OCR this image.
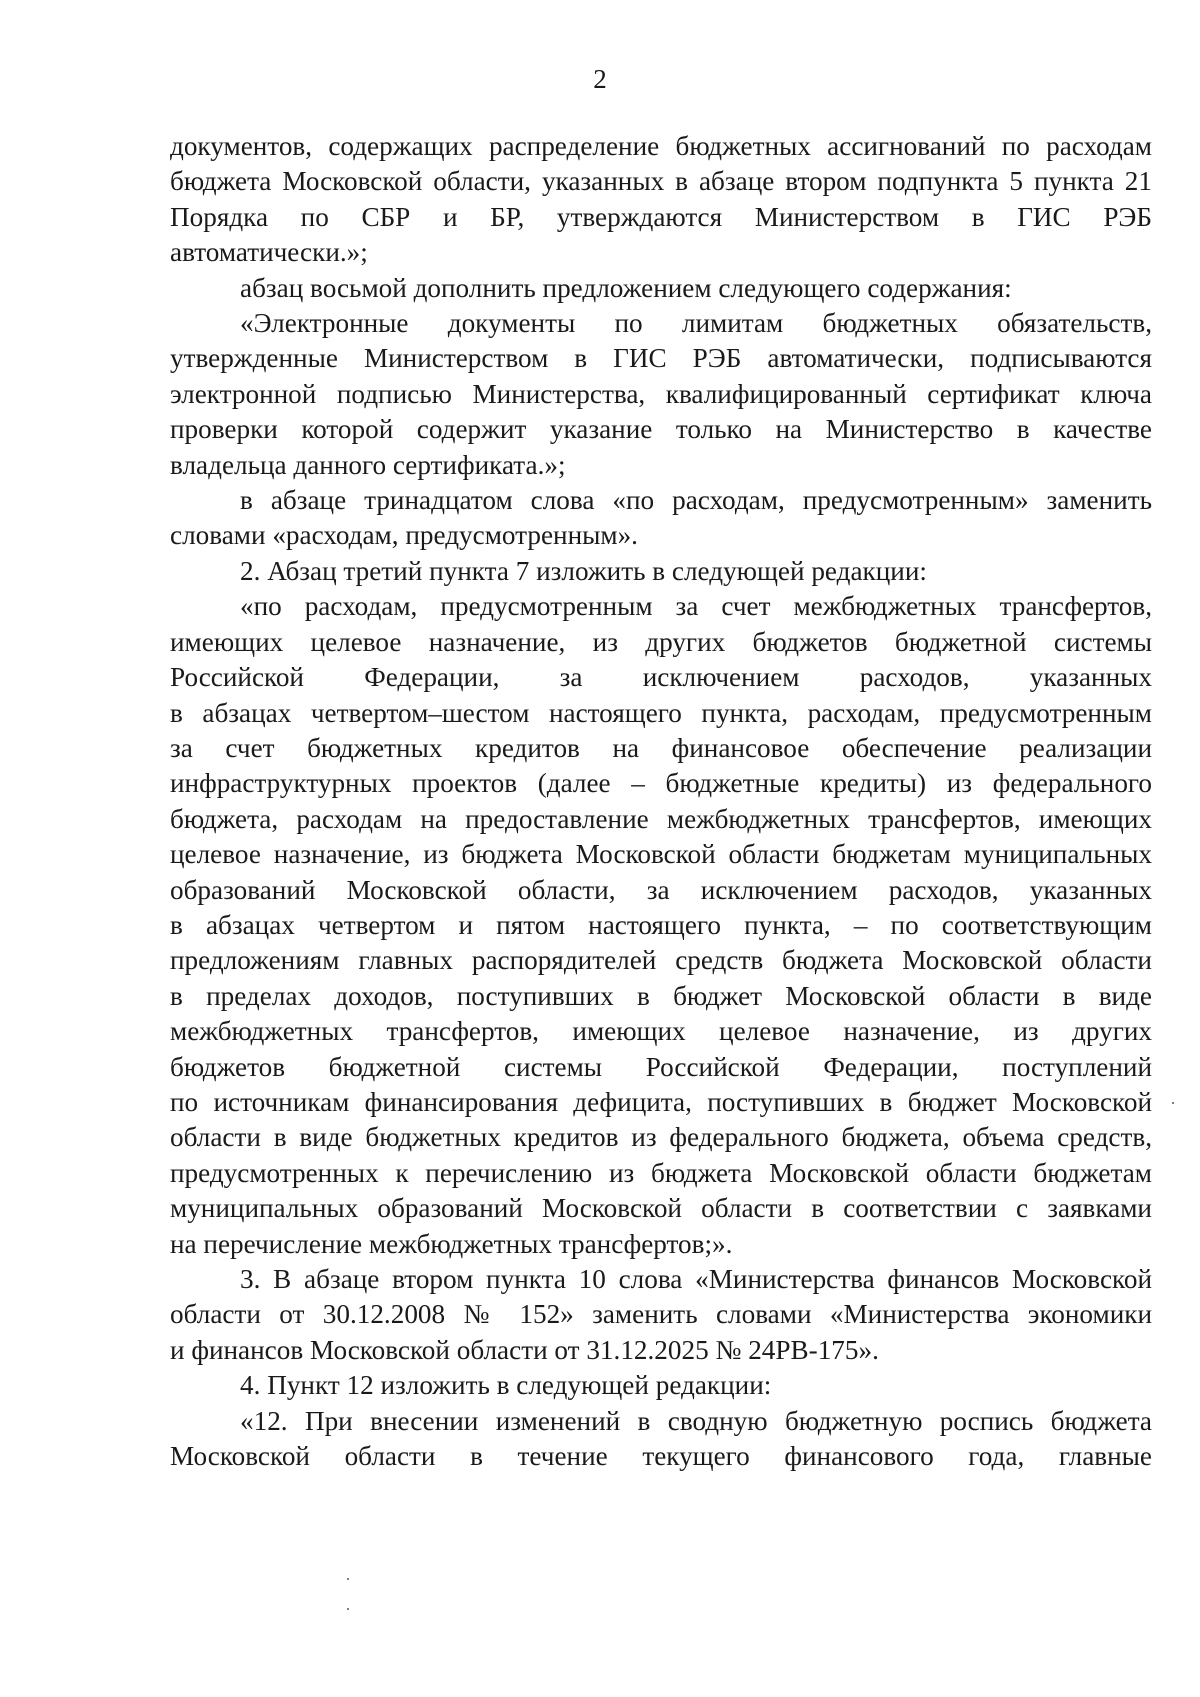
2

документов, содержащих распределение бюджетных ассигнований по расходам
бюджета Московской области, указанных в абзаце втором подпункта 5 пункта 21
Порядка по СБР и БР, утверждаются Министерством в ГИС РЭБ
автоматически.»;

абзац восьмой дополнить предложением следующего содержания:

«Электронные документы по лимитам бюджетных обязательств,
утвержденные Министерством в ГИС РЭБ автоматически, подписываются
электронной подписью Министерства, квалифицированный сертификат ключа
проверки которой содержит указание только на Министерство в качестве
владельца данного сертификата.»;

в абзаце тринадцатом слова «по расходам, предусмотренным» заменить
словами «расходам, предусмотренным».

2. Абзац третий пункта 7 изложить в следующей редакции:

«по расходам, предусмотренным за счет межбюджетных трансфертов,
имеющих целевое назначение, из других бюджетов бюджетной системы
Российской Федерации, за исключением расходов, указанных
в абзацах четвертом–шестом настоящего пункта, расходам, предусмотренным
за счет бюджетных кредитов на финансовое обеспечение реализации
инфраструктурных проектов (далее – бюджетные кредиты) из федерального
бюджета, расходам на предоставление межбюджетных трансфертов, имеющих
целевое назначение, из бюджета Московской области бюджетам муниципальных
образований Московской области, за исключением расходов, указанных
в абзацах четвертом и пятом настоящего пункта, – по соответствующим
предложениям главных распорядителей средств бюджета Московской области
в пределах доходов, поступивших в бюджет Московской области в виде
межбюджетных трансфертов, имеющих целевое назначение, из других
бюджетов бюджетной системы Российской Федерации, поступлений
по источникам финансирования дефицита, поступивших в бюджет Московской
области в виде бюджетных кредитов из федерального бюджета, объема средств,
предусмотренных к перечислению из бюджета Московской области бюджетам
муниципальных образований Московской области в соответствии с заявками
на перечисление межбюджетных трансфертов;».

3. В абзаце втором пункта 10 слова «Министерства финансов Московской
области от 30.12.2008 № 152» заменить словами «Министерства экономики
и финансов Московской области от 31.12.2025 № 24РВ-175».

4. Пункт 12 изложить в следующей редакции:

«12. При внесении изменений в сводную бюджетную роспись бюджета
Московской области в течение текущего финансового года, главные
